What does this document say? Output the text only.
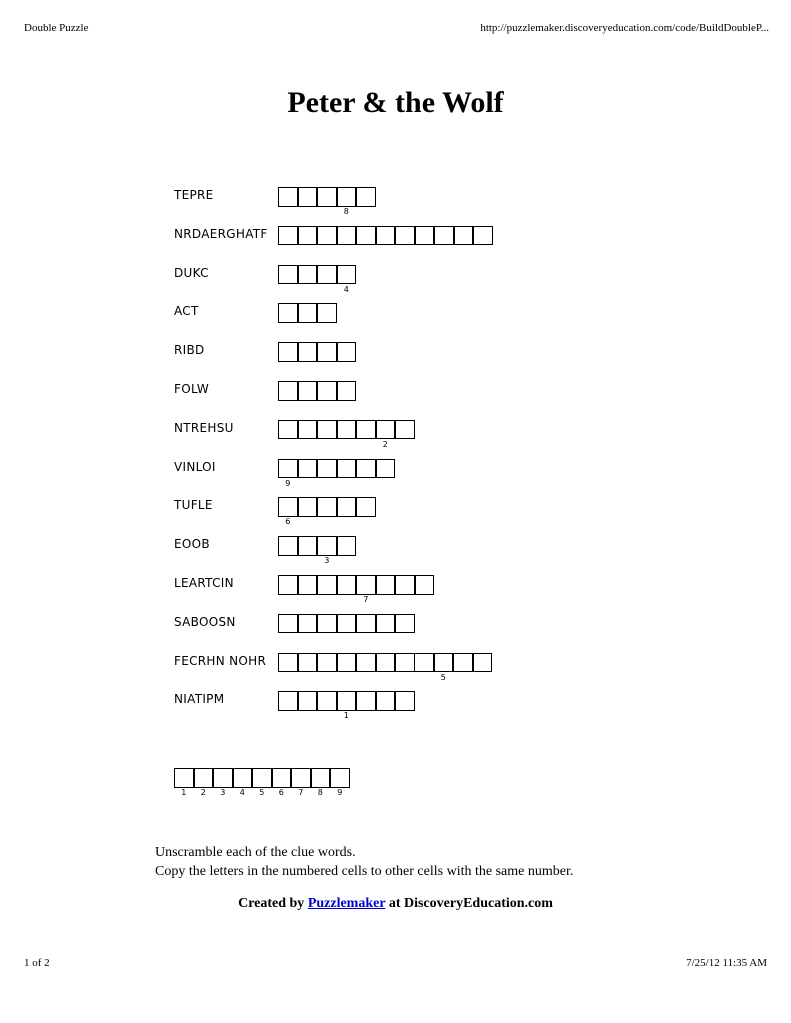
Double Puzzle	http://puzzlemaker.discoveryeducation.com/code/BuildDoubleP...
Peter & the Wolf
TEPRE
8
NRDAERGHATF
DUKC
4
ACT
RIBD
FOLW
NTREHSU
2
VINLOI
9
TUFLE
6
EOOB
3
LEARTCIN
7
SABOOSN
FECRHN NOHR
5
NIATIPM
1
1	2	3	4	5	6	7	8	9
Unscramble each of the clue words.
Copy the letters in the numbered cells to other cells with the same number.
Created by Puzzlemaker at DiscoveryEducation.com
1 of 2	7/25/12 11:35 AM
